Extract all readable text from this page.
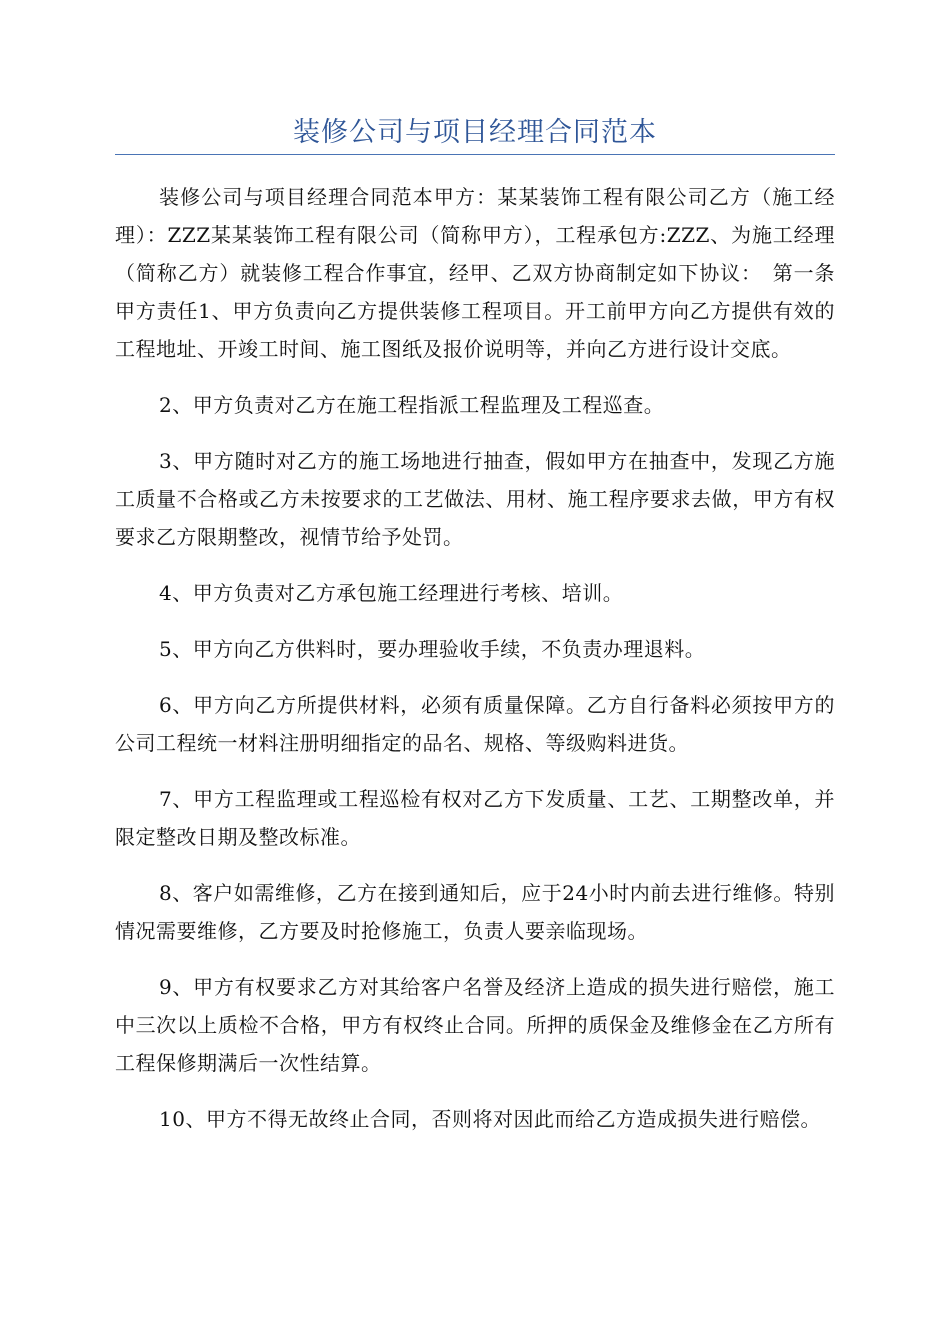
装修公司与项目经理合同范本

装修公司与项目经理合同范本甲方：某某装饰工程有限公司乙方（施工经理）：ZZZ某某装饰工程有限公司（简称甲方），工程承包方:ZZZ、为施工经理（简称乙方）就装修工程合作事宜，经甲、乙双方协商制定如下协议：　第一条甲方责任1、甲方负责向乙方提供装修工程项目。开工前甲方向乙方提供有效的工程地址、开竣工时间、施工图纸及报价说明等，并向乙方进行设计交底。

2、甲方负责对乙方在施工程指派工程监理及工程巡查。

3、甲方随时对乙方的施工场地进行抽查，假如甲方在抽查中，发现乙方施工质量不合格或乙方未按要求的工艺做法、用材、施工程序要求去做，甲方有权要求乙方限期整改，视情节给予处罚。

4、甲方负责对乙方承包施工经理进行考核、培训。

5、甲方向乙方供料时，要办理验收手续，不负责办理退料。

6、甲方向乙方所提供材料，必须有质量保障。乙方自行备料必须按甲方的公司工程统一材料注册明细指定的品名、规格、等级购料进货。

7、甲方工程监理或工程巡检有权对乙方下发质量、工艺、工期整改单，并限定整改日期及整改标准。

8、客户如需维修，乙方在接到通知后，应于24小时内前去进行维修。特别情况需要维修，乙方要及时抢修施工，负责人要亲临现场。

9、甲方有权要求乙方对其给客户名誉及经济上造成的损失进行赔偿，施工中三次以上质检不合格，甲方有权终止合同。所押的质保金及维修金在乙方所有工程保修期满后一次性结算。

10、甲方不得无故终止合同，否则将对因此而给乙方造成损失进行赔偿。
